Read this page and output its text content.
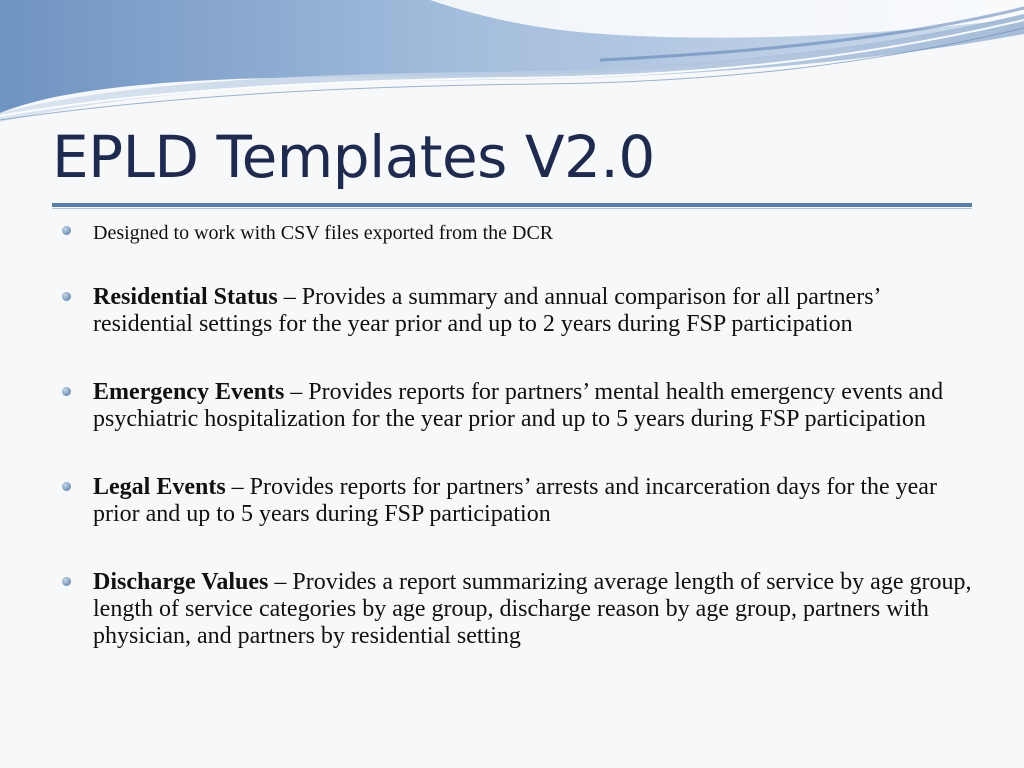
EPLD Templates V2.0
Designed to work with CSV files exported from the DCR
Residential Status – Provides a summary and annual comparison for all partners’ residential settings for the year prior and up to 2 years during FSP participation
Emergency Events – Provides reports for partners’ mental health emergency events and psychiatric hospitalization for the year prior and up to 5 years during FSP participation
Legal Events – Provides reports for partners’ arrests and incarceration days for the year prior and up to 5 years during FSP participation
Discharge Values – Provides a report summarizing average length of service by age group, length of service categories by age group, discharge reason by age group, partners with physician, and partners by residential setting
